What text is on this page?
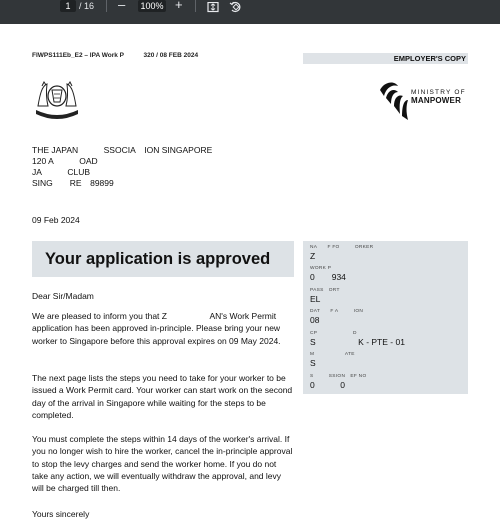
1 / 16 – 100% +
FIWPS111Eb_E2 – IPA Work P   320 / 08 FEB 2024	EMPLOYER'S COPY
MINISTRY OF
MANPOWER
THE JAPAN   SSOCIA ION SINGAPORE
120 A   OAD
JA   CLUB
SING  RE 89899
09 Feb 2024
Your application is approved
Dear Sir/Madam
We are pleased to inform you that Z     AN's Work Permit application has been approved in-principle. Please bring your new worker to Singapore before this approval expires on 09 May 2024.
The next page lists the steps you need to take for your worker to be issued a Work Permit card. Your worker can start work on the second day of the arrival in Singapore while waiting for the steps to be completed.
You must complete the steps within 14 days of the worker's arrival. If you no longer wish to hire the worker, cancel the in-principle approval to stop the levy charges and send the worker home. If you do not take any action, we will eventually withdraw the approval, and levy will be charged till then.
Yours sincerely
NA  F FO   ORKER
Z     
WORK P   
0  934  
PASS ORT
EL    
DAT  F A   ION
08    
CP       D
S     K - PTE - 01
M      ATE
S    
S   SSION EF NO
0   0
